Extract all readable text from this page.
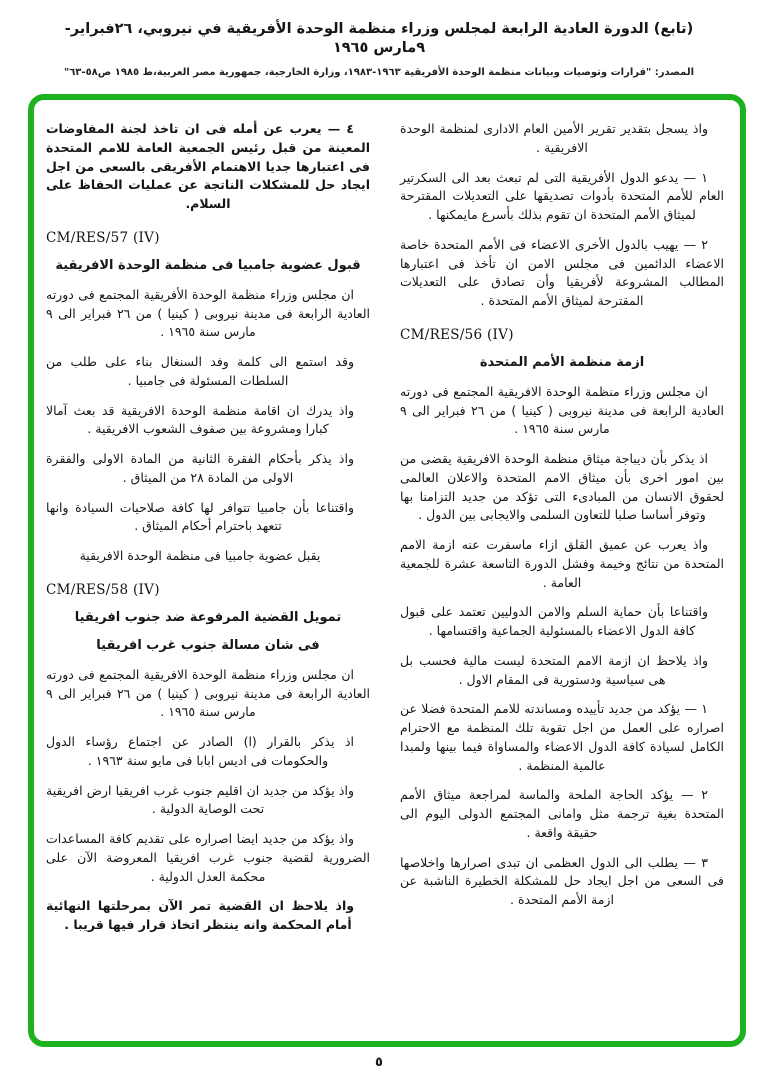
(تابع) الدورة العادية الرابعة لمجلس وزراء منظمة الوحدة الأفريقية في نيروبي، ٢٦فبراير- ٩مارس ١٩٦٥
المصدر: "قرارات وتوصيات وبيانات منظمة الوحدة الأفريقية ١٩٦٣-١٩٨٣، وزارة الخارجية، جمهورية مصر العربية،ط ١٩٨٥ ص٥٨-٦٣"
واذ يسجل بتقدير تقرير الأمين العام الادارى لمنظمة الوحدة الافريقية .
١ — يدعو الدول الأفريقية التى لم تبعث بعد الى السكرتير العام للأمم المتحدة بأدوات تصديقها على التعديلات المقترحة لميثاق الأمم المتحدة ان تقوم بذلك بأسرع مايمكنها .
٢ — يهيب بالدول الأخرى الاعضاء فى الأمم المتحدة خاصة الاعضاء الدائمين فى مجلس الامن ان تأخذ فى اعتبارها المطالب المشروعة لأفريقيا وأن تصادق على التعديلات المقترحة لميثاق الأمم المتحدة .
CM/RES/56 (IV)
ازمة منظمة الأمم المتحدة
ان مجلس وزراء منظمة الوحدة الافريقية المجتمع فى دورته العادية الرابعة فى مدينة نيروبى ( كينيا ) من ٢٦ فبراير الى ٩ مارس سنة ١٩٦٥ .
اذ يذكر بأن ديباجة ميثاق منظمة الوحدة الافريقية يقضى من بين امور اخرى بأن ميثاق الامم المتحدة والاعلان العالمى لحقوق الانسان من المبادىء التى تؤكد من جديد التزامنا بها وتوفر أساسا صلبا للتعاون السلمى والايجابى بين الدول .
واذ يعرب عن عميق القلق ازاء ماسفرت عنه ازمة الامم المتحدة من نتائج وخيمة وفشل الدورة التاسعة عشرة للجمعية العامة .
واقتناعا بأن حماية السلم والامن الدوليين تعتمد على قبول كافة الدول الاعضاء بالمسئولية الجماعية واقتسامها .
واذ يلاحظ ان ازمة الامم المتحدة ليست مالية فحسب بل هى سياسية ودستورية فى المقام الاول .
١ — يؤكد من جديد تأييده ومساندته للامم المتحدة فضلا عن اصراره على العمل من اجل تقوية تلك المنظمة مع الاحترام الكامل لسيادة كافة الدول الاعضاء والمساواة فيما بينها ولمبدا عالمية المنظمة .
٢ — يؤكد الحاجة الملحة والماسة لمراجعة ميثاق الأمم المتحدة بغية ترجمة مثل وامانى المجتمع الدولى اليوم الى حقيقة واقعة .
٣ — يطلب الى الدول العظمى ان تبدى اصرارها واخلاصها فى السعى من اجل ايجاد حل للمشكلة الخطيرة الناشبة عن ازمة الأمم المتحدة .
٤ — يعرب عن أمله فى ان تاخذ لجنة المفاوضات المعينة من قبل رئيس الجمعية العامة للامم المتحدة فى اعتبارها جديا الاهتمام الأفريقى بالسعى من اجل ايجاد حل للمشكلات الناتجة عن عمليات الحفاظ على السلام.
CM/RES/57 (IV)
قبول عضوية جامبيا فى منظمة الوحدة الافريقية
ان مجلس وزراء منظمة الوحدة الأفريقية المجتمع فى دورته العادية الرابعة فى مدينة نيروبى ( كينيا ) من ٢٦ فبراير الى ٩ مارس سنة ١٩٦٥ .
وقد استمع الى كلمة وفد السنغال بناء على طلب من السلطات المسئولة فى جامبيا .
واذ يدرك ان اقامة منظمة الوحدة الافريقية قد بعث آمالا كبارا ومشروعة بين صفوف الشعوب الافريقية .
واذ يذكر بأحكام الفقرة الثانية من المادة الاولى والفقرة الاولى من المادة ٢٨ من الميثاق .
واقتناعا بأن جامبيا تتوافر لها كافة صلاحيات السيادة وانها تتعهد باحترام أحكام الميثاق .
يقبل عضوية جامبيا فى منظمة الوحدة الافريقية
CM/RES/58 (IV)
تمويل القضية المرفوعة ضد جنوب افريقيا
فى شان مسالة جنوب غرب افريقيا
ان مجلس وزراء منظمة الوحدة الافريقية المجتمع فى دورته العادية الرابعة فى مدينة نيروبى ( كينيا ) من ٢٦ فبراير الى ٩ مارس سنة ١٩٦٥ .
اذ يذكر بالقرار (ا) الصادر عن اجتماع رؤساء الدول والحكومات فى اديس ابابا فى مايو سنة ١٩٦٣ .
واذ يؤكد من جديد ان اقليم جنوب غرب افريقيا ارض افريقية تحت الوصاية الدولية .
واذ يؤكد من جديد ايضا اصراره على تقديم كافة المساعدات الضرورية لقضية جنوب غرب افريقيا المعروضة الآن على محكمة العدل الدولية .
واذ يلاحظ ان القضية تمر الآن بمرحلتها النهائية أمام المحكمة وانه ينتظر اتخاذ قرار فيها قريبا .
٥
